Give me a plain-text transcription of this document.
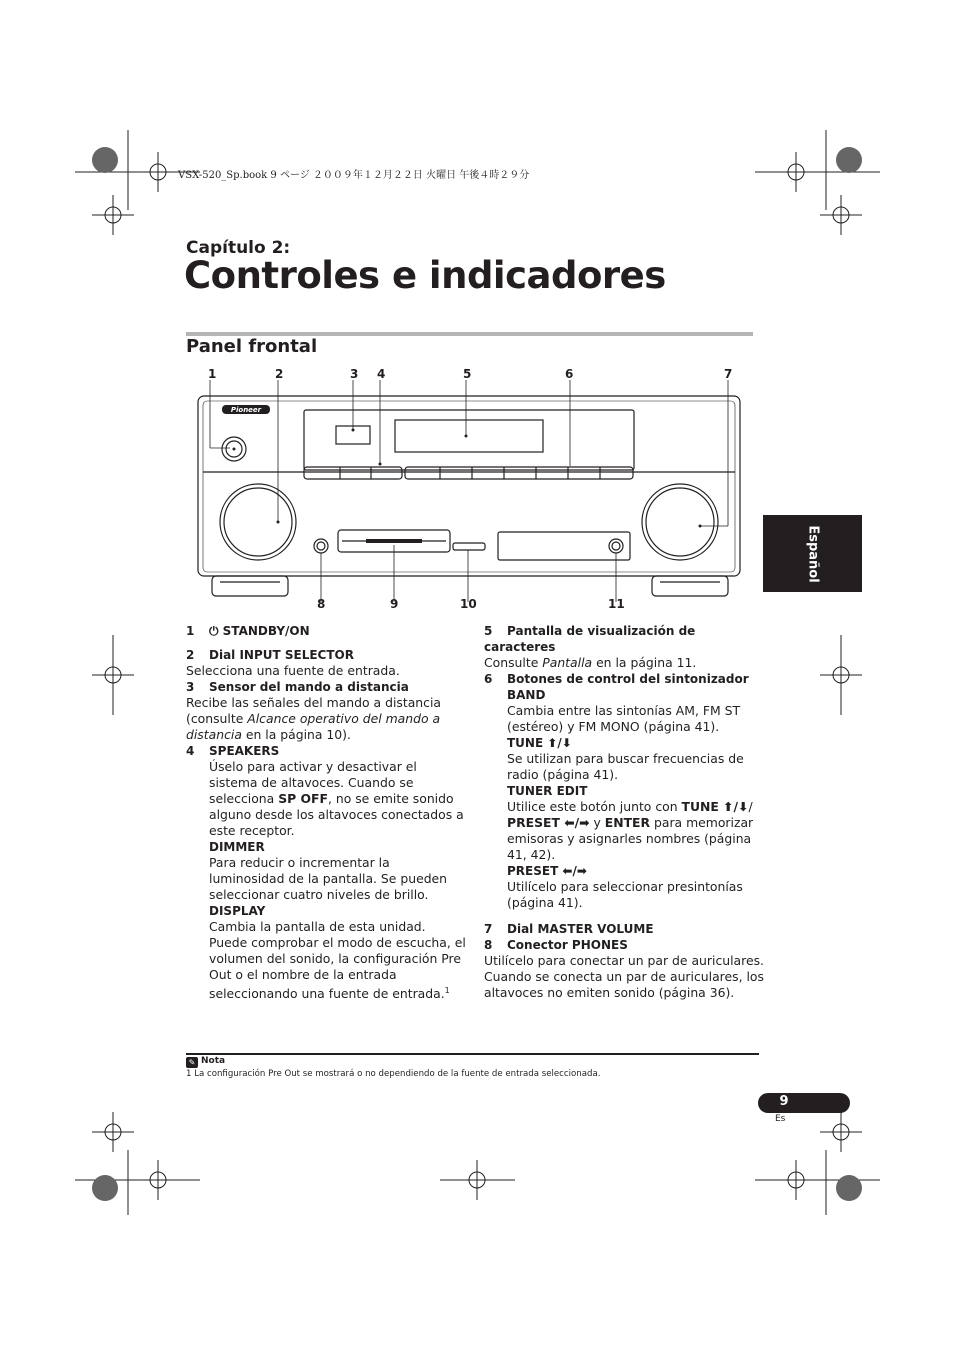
VSX-520_Sp.book 9 ページ ２００９年１２月２２日 火曜日 午後４時２９分
Capítulo 2:
Controles e indicadores
Panel frontal
Español
1	2	3 4	5	6	7
8	9	10	11
Pioneer

1 ⏻ STANDBY/ON

2 Dial INPUT SELECTOR

Selecciona una fuente de entrada.

3 Sensor del mando a distancia

Recibe las señales del mando a distancia (consulte Alcance operativo del mando a distancia en la página 10).

4 SPEAKERS

Úselo para activar y desactivar el sistema de altavoces. Cuando se selecciona SP OFF, no se emite sonido alguno desde los altavoces conectados a este receptor.

DIMMER

Para reducir o incrementar la luminosidad de la pantalla. Se pueden seleccionar cuatro niveles de brillo.

DISPLAY

Cambia la pantalla de esta unidad. Puede comprobar el modo de escucha, el volumen del sonido, la configuración Pre Out o el nombre de la entrada seleccionando una fuente de entrada.$^1$

5 Pantalla de visualización de caracteres

Consulte Pantalla en la página 11.

6 Botones de control del sintonizador

BAND

Cambia entre las sintonías AM, FM ST (estéreo) y FM MONO (página 41).

TUNE ⬆/⬇

Se utilizan para buscar frecuencias de radio (página 41).

TUNER EDIT

Utilice este botón junto con TUNE ⬆/⬇/ PRESET ⬅/➡ y ENTER para memorizar emisoras y asignarles nombres (página 41, 42).

PRESET ⬅/➡

Utilícelo para seleccionar presintonías (página 41).

7 Dial MASTER VOLUME

8 Conector PHONES

Utilícelo para conectar un par de auriculares. Cuando se conecta un par de auriculares, los altavoces no emiten sonido (página 36).

✎ Nota
1 La configuración Pre Out se mostrará o no dependiendo de la fuente de entrada seleccionada.
9
Es
